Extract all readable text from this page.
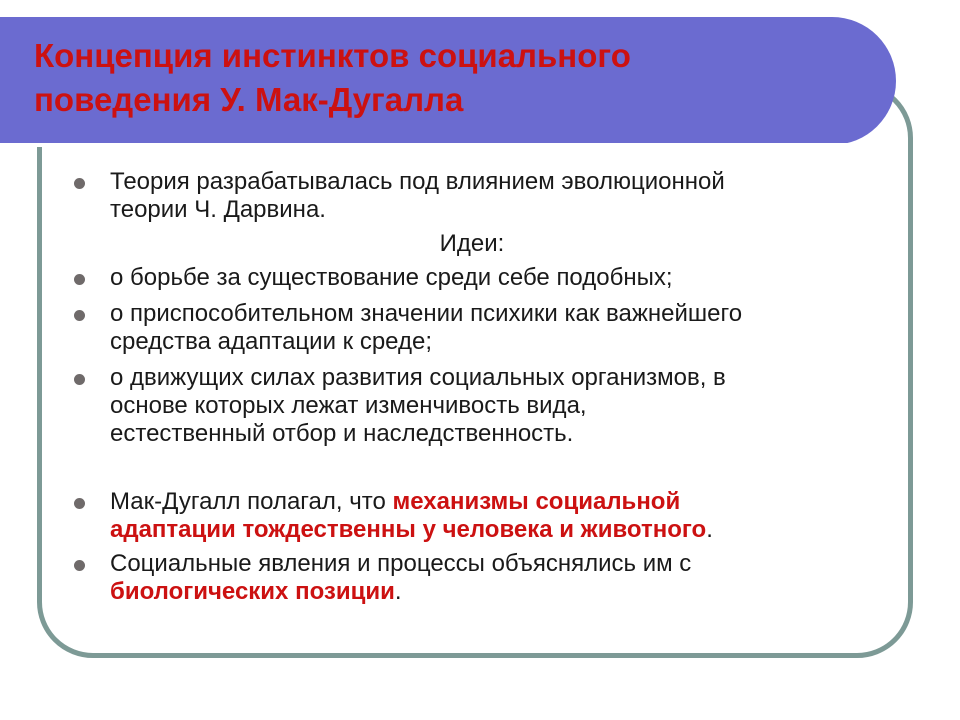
Концепция инстинктов социального
поведения У. Мак-Дугалла
Теория разрабатывалась под влиянием эволюционной
теории Ч. Дарвина.
Идеи:
о борьбе за существование среди себе подобных;
о приспособительном значении психики как важнейшего
средства адаптации к среде;
о движущих силах развития социальных организмов, в
основе которых лежат изменчивость вида,
естественный отбор и наследственность.
Мак-Дугалл полагал, что механизмы социальной
адаптации тождественны у человека и животного.
Социальные явления и процессы объяснялись им с
биологических позиции.
